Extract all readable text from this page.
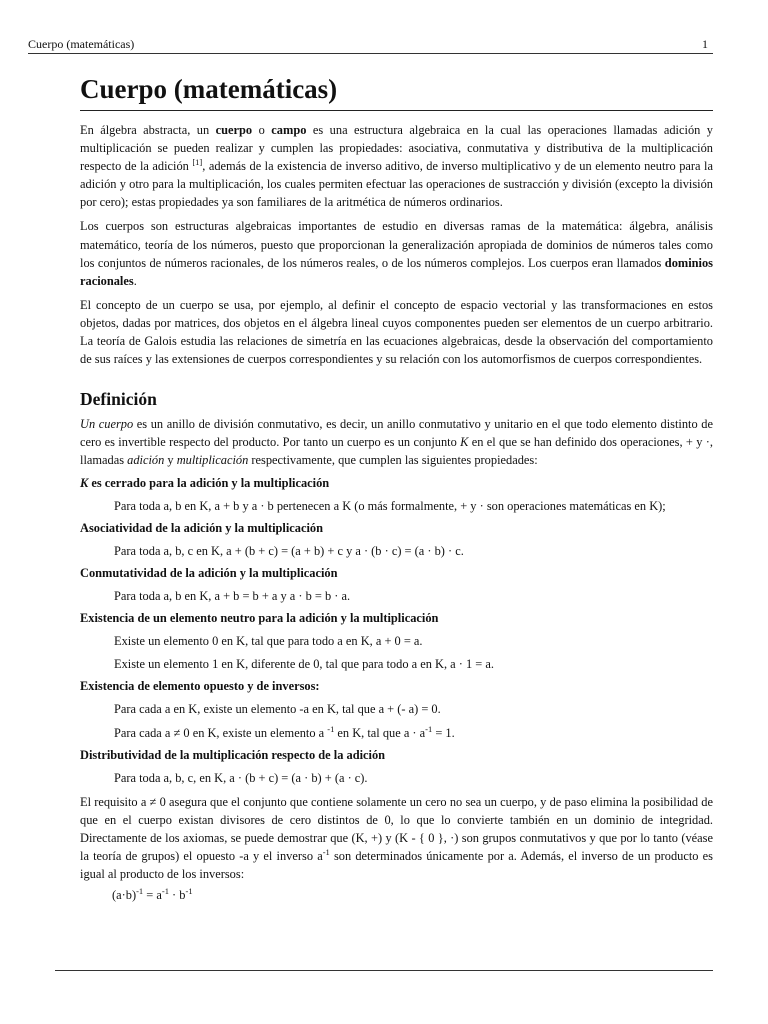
Cuerpo (matemáticas)	1
Cuerpo (matemáticas)

En álgebra abstracta, un cuerpo o campo es una estructura algebraica en la cual las operaciones llamadas adición y multiplicación se pueden realizar y cumplen las propiedades: asociativa, conmutativa y distributiva de la multiplicación respecto de la adición [1], además de la existencia de inverso aditivo, de inverso multiplicativo y de un elemento neutro para la adición y otro para la multiplicación, los cuales permiten efectuar las operaciones de sustracción y división (excepto la división por cero); estas propiedades ya son familiares de la aritmética de números ordinarios.

Los cuerpos son estructuras algebraicas importantes de estudio en diversas ramas de la matemática: álgebra, análisis matemático, teoría de los números, puesto que proporcionan la generalización apropiada de dominios de números tales como los conjuntos de números racionales, de los números reales, o de los números complejos. Los cuerpos eran llamados dominios racionales.

El concepto de un cuerpo se usa, por ejemplo, al definir el concepto de espacio vectorial y las transformaciones en estos objetos, dadas por matrices, dos objetos en el álgebra lineal cuyos componentes pueden ser elementos de un cuerpo arbitrario. La teoría de Galois estudia las relaciones de simetría en las ecuaciones algebraicas, desde la observación del comportamiento de sus raíces y las extensiones de cuerpos correspondientes y su relación con los automorfismos de cuerpos correspondientes.

Definición

Un cuerpo es un anillo de división conmutativo, es decir, un anillo conmutativo y unitario en el que todo elemento distinto de cero es invertible respecto del producto. Por tanto un cuerpo es un conjunto K en el que se han definido dos operaciones, + y ·, llamadas adición y multiplicación respectivamente, que cumplen las siguientes propiedades:

K es cerrado para la adición y la multiplicación
Para toda a, b en K, a + b y a · b pertenecen a K (o más formalmente, + y · son operaciones matemáticas en K);
Asociatividad de la adición y la multiplicación
Para toda a, b, c en K, a + (b + c) = (a + b) + c y a · (b · c) = (a · b) · c.
Conmutatividad de la adición y la multiplicación
Para toda a, b en K, a + b = b + a y a · b = b · a.
Existencia de un elemento neutro para la adición y la multiplicación
Existe un elemento 0 en K, tal que para todo a en K, a + 0 = a.
Existe un elemento 1 en K, diferente de 0, tal que para todo a en K, a · 1 = a.
Existencia de elemento opuesto y de inversos:
Para cada a en K, existe un elemento -a en K, tal que a + (- a) = 0.
Para cada a ≠ 0 en K, existe un elemento a $^{-1}$ en K, tal que $a \cdot a^{-1} = 1$.
Distributividad de la multiplicación respecto de la adición
Para toda a, b, c, en K, a · (b + c) = (a · b) + (a · c).

El requisito a ≠ 0 asegura que el conjunto que contiene solamente un cero no sea un cuerpo, y de paso elimina la posibilidad de que en el cuerpo existan divisores de cero distintos de 0, lo que lo convierte también en un dominio de integridad. Directamente de los axiomas, se puede demostrar que (K, +) y (K - { 0 }, ·) son grupos conmutativos y que por lo tanto (véase la teoría de grupos) el opuesto -a y el inverso $a^{-1}$ son determinados únicamente por a. Además, el inverso de un producto es igual al producto de los inversos:

$(a\cdot b)^{-1} = a^{-1} \cdot b^{-1}$
